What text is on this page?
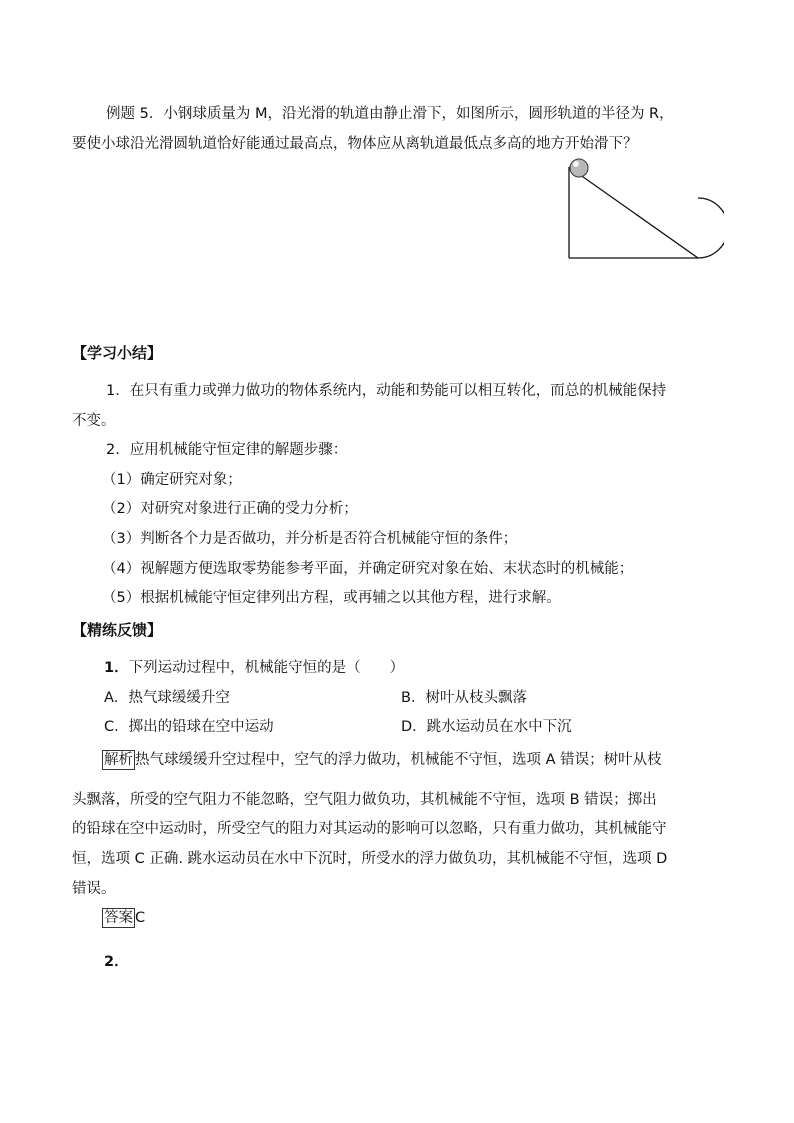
例题 5．小钢球质量为 M，沿光滑的轨道由静止滑下，如图所示，圆形轨道的半径为 R，
要使小球沿光滑圆轨道恰好能通过最高点，物体应从离轨道最低点多高的地方开始滑下？
【学习小结】
1．在只有重力或弹力做功的物体系统内，动能和势能可以相互转化，而总的机械能保持
不变。
2．应用机械能守恒定律的解题步骤：
（1）确定研究对象；
（2）对研究对象进行正确的受力分析；
（3）判断各个力是否做功，并分析是否符合机械能守恒的条件；
（4）视解题方便选取零势能参考平面，并确定研究对象在始、末状态时的机械能；
（5）根据机械能守恒定律列出方程，或再辅之以其他方程，进行求解。
【精练反馈】
1．下列运动过程中，机械能守恒的是（　　）
A．热气球缓缓升空	B．树叶从枝头飘落
C．掷出的铅球在空中运动	D．跳水运动员在水中下沉
解析 热气球缓缓升空过程中，空气的浮力做功，机械能不守恒，选项 A 错误；树叶从枝
头飘落，所受的空气阻力不能忽略，空气阻力做负功，其机械能不守恒，选项 B 错误；掷出
的铅球在空中运动时，所受空气的阻力对其运动的影响可以忽略，只有重力做功，其机械能守
恒，选项 C 正确. 跳水运动员在水中下沉时，所受水的浮力做负功，其机械能不守恒，选项 D
错误。
答案 C
2．
